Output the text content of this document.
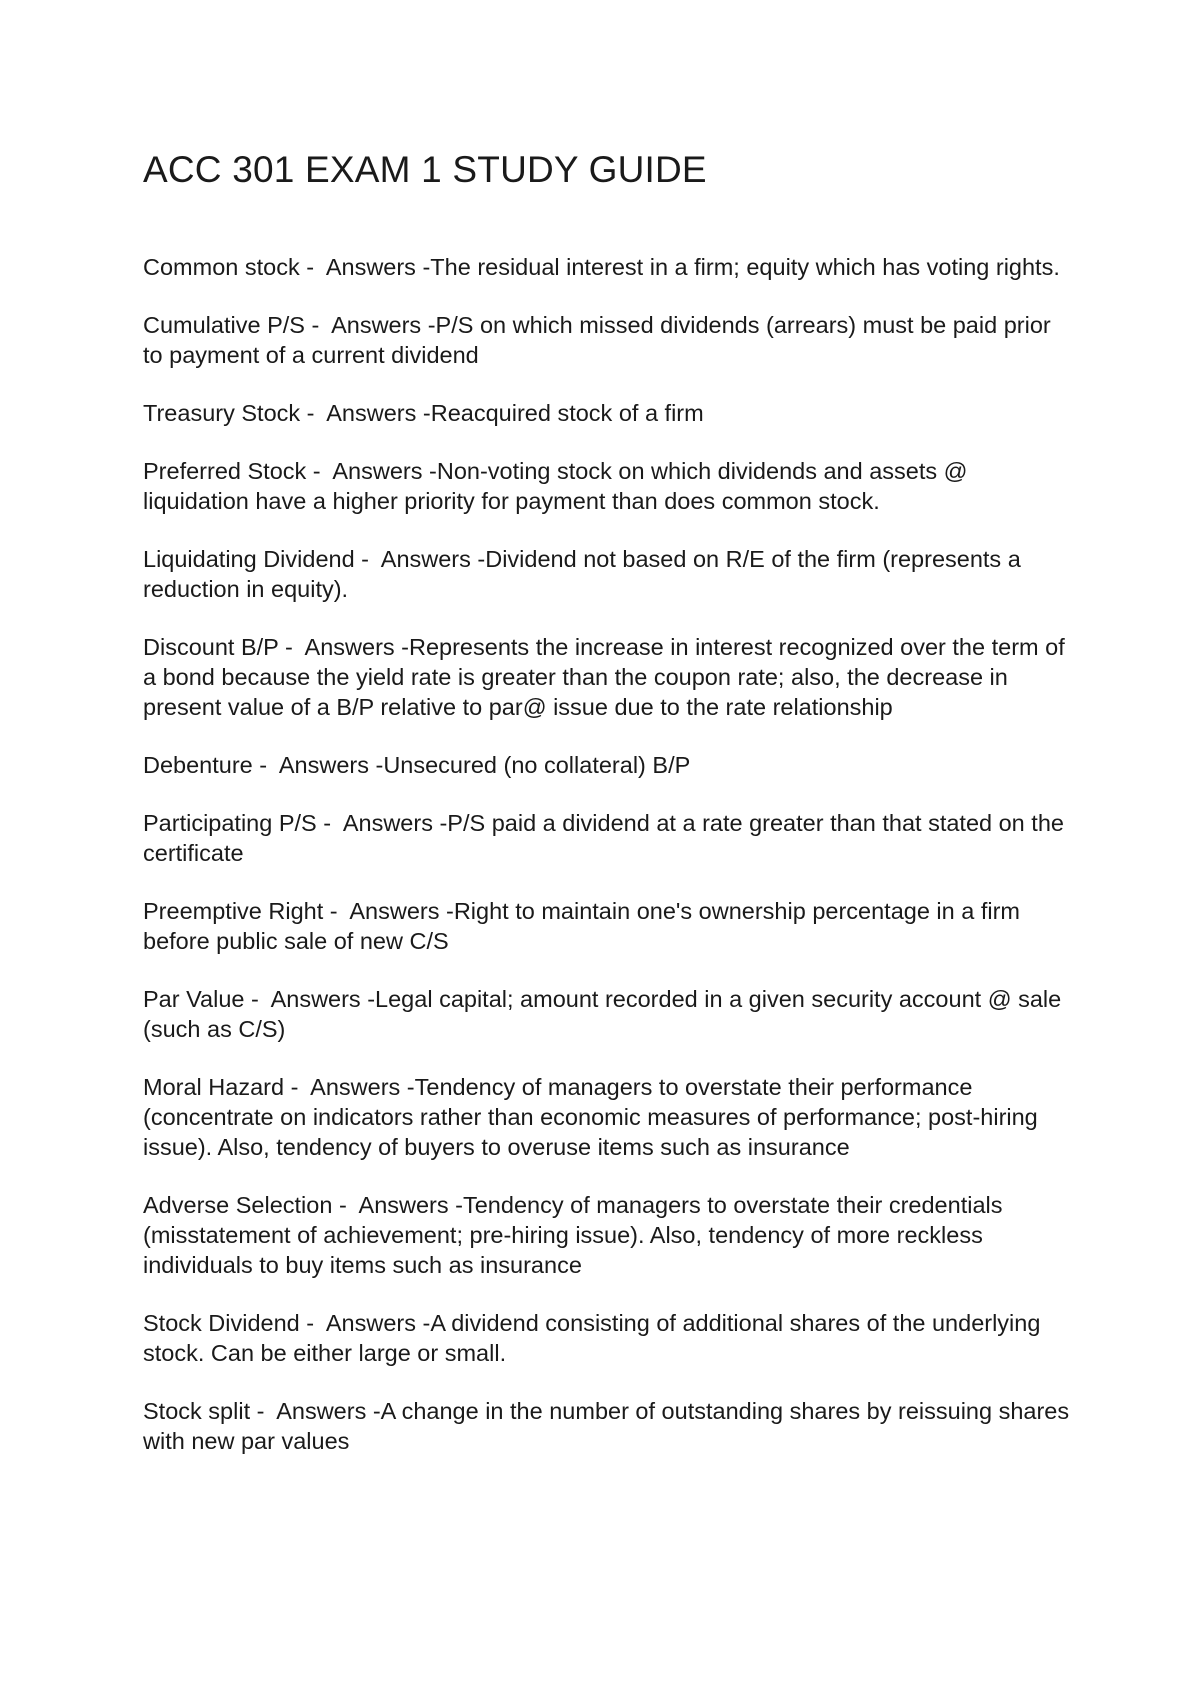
ACC 301 EXAM 1 STUDY GUIDE

Common stock -  Answers -The residual interest in a firm; equity which has voting rights.

Cumulative P/S -  Answers -P/S on which missed dividends (arrears) must be paid prior to payment of a current dividend

Treasury Stock -  Answers -Reacquired stock of a firm

Preferred Stock -  Answers -Non-voting stock on which dividends and assets @ liquidation have a higher priority for payment than does common stock.

Liquidating Dividend -  Answers -Dividend not based on R/E of the firm (represents a reduction in equity).

Discount B/P -  Answers -Represents the increase in interest recognized over the term of a bond because the yield rate is greater than the coupon rate; also, the decrease in present value of a B/P relative to par@ issue due to the rate relationship

Debenture -  Answers -Unsecured (no collateral) B/P

Participating P/S -  Answers -P/S paid a dividend at a rate greater than that stated on the certificate

Preemptive Right -  Answers -Right to maintain one's ownership percentage in a firm before public sale of new C/S

Par Value -  Answers -Legal capital; amount recorded in a given security account @ sale (such as C/S)

Moral Hazard -  Answers -Tendency of managers to overstate their performance (concentrate on indicators rather than economic measures of performance; post-hiring issue). Also, tendency of buyers to overuse items such as insurance

Adverse Selection -  Answers -Tendency of managers to overstate their credentials (misstatement of achievement; pre-hiring issue). Also, tendency of more reckless individuals to buy items such as insurance

Stock Dividend -  Answers -A dividend consisting of additional shares of the underlying stock. Can be either large or small.

Stock split -  Answers -A change in the number of outstanding shares by reissuing shares with new par values
